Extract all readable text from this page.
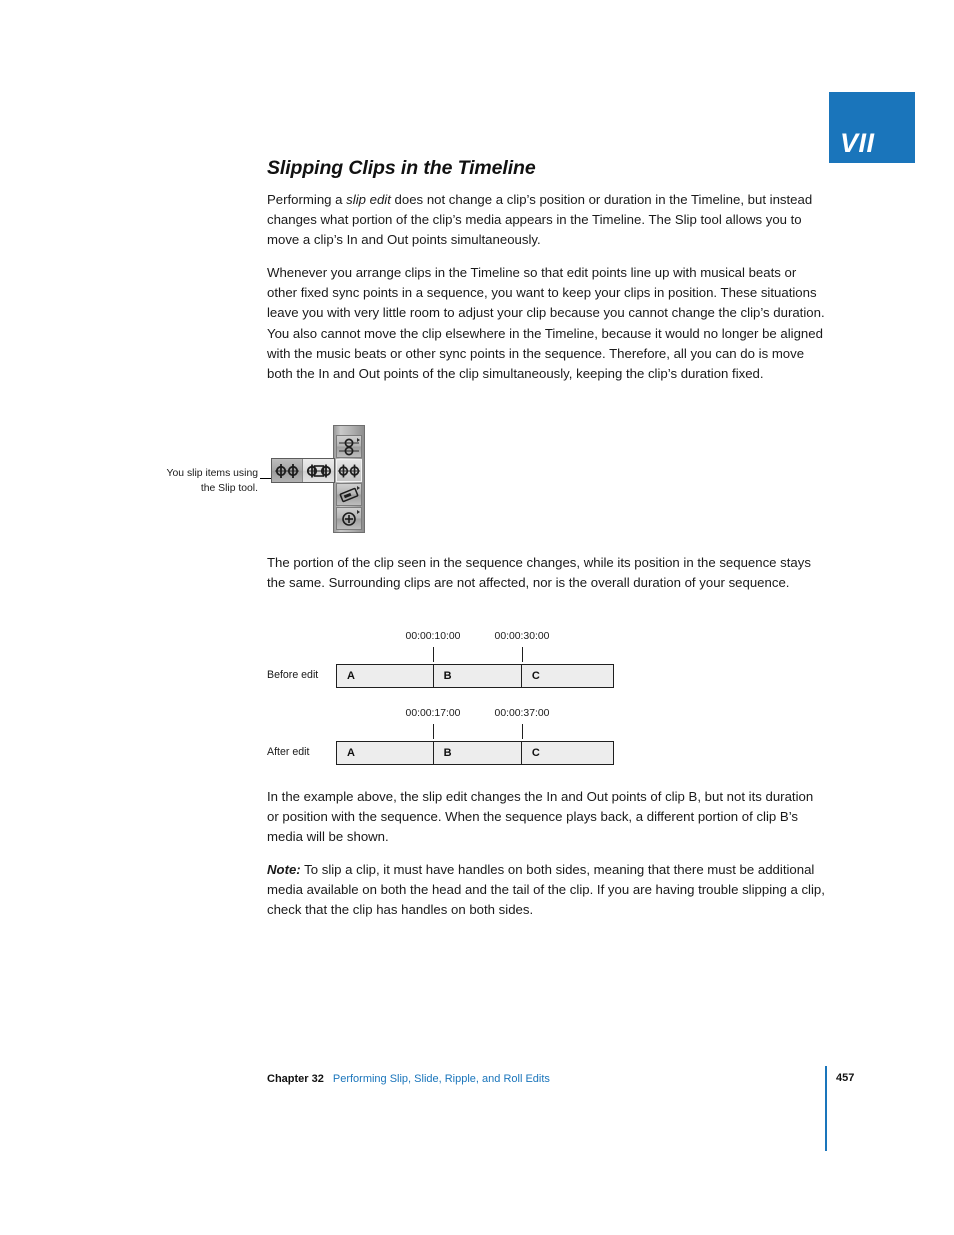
VII
Slipping Clips in the Timeline

Performing a slip edit does not change a clip’s position or duration in the Timeline, but instead changes what portion of the clip’s media appears in the Timeline. The Slip tool allows you to move a clip’s In and Out points simultaneously.

Whenever you arrange clips in the Timeline so that edit points line up with musical beats or other fixed sync points in a sequence, you want to keep your clips in position. These situations leave you with very little room to adjust your clip because you cannot change the clip’s duration. You also cannot move the clip elsewhere in the Timeline, because it would no longer be aligned with the music beats or other sync points in the sequence. Therefore, all you can do is move both the In and Out points of the clip simultaneously, keeping the clip’s duration fixed.

You slip items using
the Slip tool.

The portion of the clip seen in the sequence changes, while its position in the sequence stays the same. Surrounding clips are not affected, nor is the overall duration of your sequence.

Before edit
00:00:10:00	00:00:30:00
A	B	C
After edit
00:00:17:00	00:00:37:00
A	B	C

In the example above, the slip edit changes the In and Out points of clip B, but not its duration or position with the sequence. When the sequence plays back, a different portion of clip B’s media will be shown.

Note: To slip a clip, it must have handles on both sides, meaning that there must be additional media available on both the head and the tail of the clip. If you are having trouble slipping a clip, check that the clip has handles on both sides.

Chapter 32 Performing Slip, Slide, Ripple, and Roll Edits	457
